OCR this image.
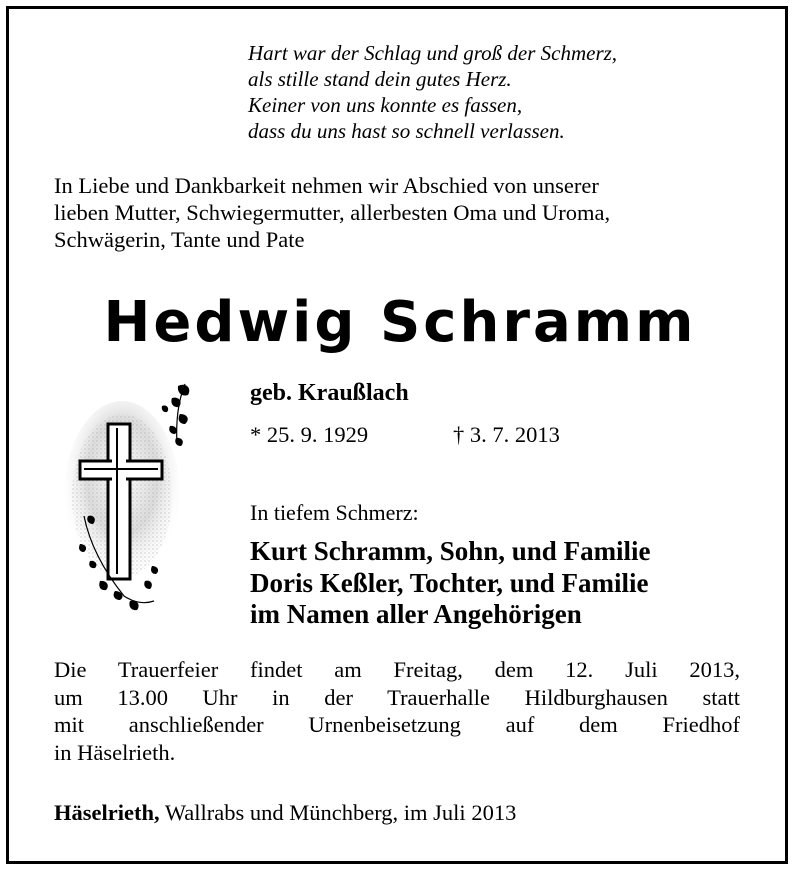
Hart war der Schlag und groß der Schmerz,
als stille stand dein gutes Herz.
Keiner von uns konnte es fassen,
dass du uns hast so schnell verlassen.
In Liebe und Dankbarkeit nehmen wir Abschied von unserer
lieben Mutter, Schwiegermutter, allerbesten Oma und Uroma,
Schwägerin, Tante und Pate
Hedwig Schramm
geb. Kraußlach
* 25. 9. 1929	† 3. 7. 2013
In tiefem Schmerz:
Kurt Schramm, Sohn, und Familie
Doris Keßler, Tochter, und Familie
im Namen aller Angehörigen
Die Trauerfeier findet am Freitag, dem 12. Juli 2013,
um 13.00 Uhr in der Trauerhalle Hildburghausen statt
mit anschließender Urnenbeisetzung auf dem Friedhof
in Häselrieth.
Häselrieth, Wallrabs und Münchberg, im Juli 2013
